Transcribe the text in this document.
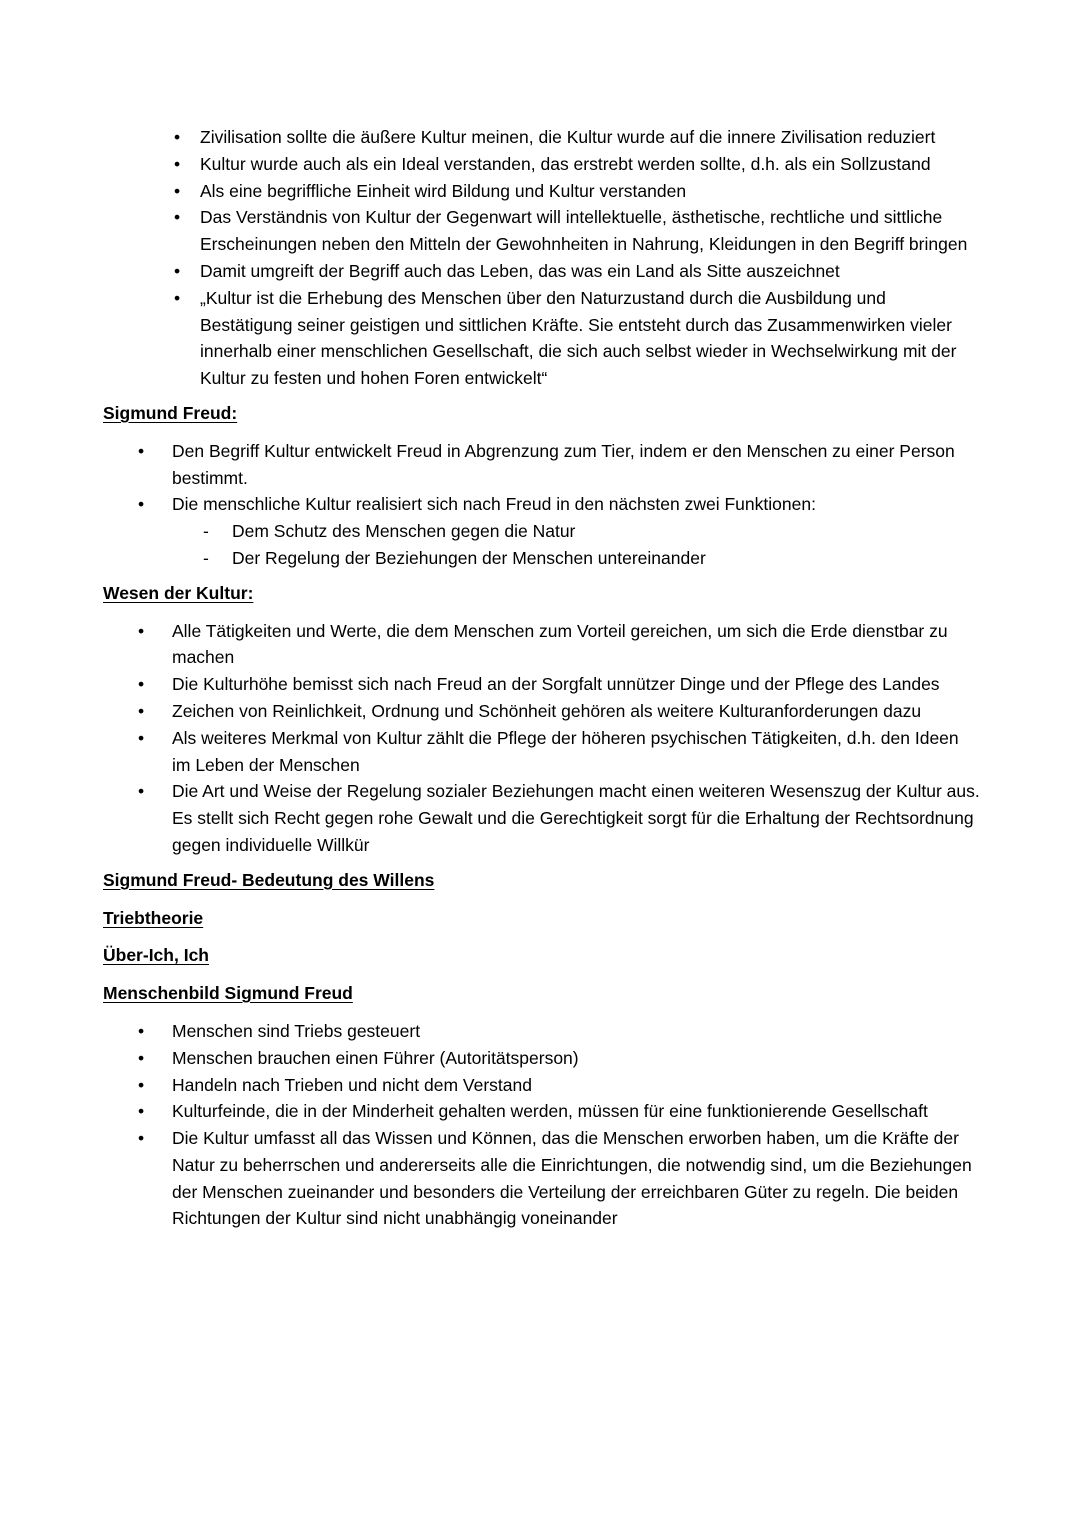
• Zivilisation sollte die äußere Kultur meinen, die Kultur wurde auf die innere Zivilisation reduziert
• Kultur wurde auch als ein Ideal verstanden, das erstrebt werden sollte, d.h. als ein Sollzustand
• Als eine begriffliche Einheit wird Bildung und Kultur verstanden
• Das Verständnis von Kultur der Gegenwart will intellektuelle, ästhetische, rechtliche und sittliche Erscheinungen neben den Mitteln der Gewohnheiten in Nahrung, Kleidungen in den Begriff bringen
• Damit umgreift der Begriff auch das Leben, das was ein Land als Sitte auszeichnet
• „Kultur ist die Erhebung des Menschen über den Naturzustand durch die Ausbildung und Bestätigung seiner geistigen und sittlichen Kräfte. Sie entsteht durch das Zusammenwirken vieler innerhalb einer menschlichen Gesellschaft, die sich auch selbst wieder in Wechselwirkung mit der Kultur zu festen und hohen Foren entwickelt“
Sigmund Freud:
• Den Begriff Kultur entwickelt Freud in Abgrenzung zum Tier, indem er den Menschen zu einer Person bestimmt.
• Die menschliche Kultur realisiert sich nach Freud in den nächsten zwei Funktionen:
- Dem Schutz des Menschen gegen die Natur
- Der Regelung der Beziehungen der Menschen untereinander
Wesen der Kultur:
• Alle Tätigkeiten und Werte, die dem Menschen zum Vorteil gereichen, um sich die Erde dienstbar zu machen
• Die Kulturhöhe bemisst sich nach Freud an der Sorgfalt unnützer Dinge und der Pflege des Landes
• Zeichen von Reinlichkeit, Ordnung und Schönheit gehören als weitere Kulturanforderungen dazu
• Als weiteres Merkmal von Kultur zählt die Pflege der höheren psychischen Tätigkeiten, d.h. den Ideen im Leben der Menschen
• Die Art und Weise der Regelung sozialer Beziehungen macht einen weiteren Wesenszug der Kultur aus. Es stellt sich Recht gegen rohe Gewalt und die Gerechtigkeit sorgt für die Erhaltung der Rechtsordnung gegen individuelle Willkür
Sigmund Freud- Bedeutung des Willens
Triebtheorie
Über-Ich, Ich
Menschenbild Sigmund Freud
• Menschen sind Triebs gesteuert
• Menschen brauchen einen Führer (Autoritätsperson)
• Handeln nach Trieben und nicht dem Verstand
• Kulturfeinde, die in der Minderheit gehalten werden, müssen für eine funktionierende Gesellschaft
• Die Kultur umfasst all das Wissen und Können, das die Menschen erworben haben, um die Kräfte der Natur zu beherrschen und andererseits alle die Einrichtungen, die notwendig sind, um die Beziehungen der Menschen zueinander und besonders die Verteilung der erreichbaren Güter zu regeln. Die beiden Richtungen der Kultur sind nicht unabhängig voneinander
